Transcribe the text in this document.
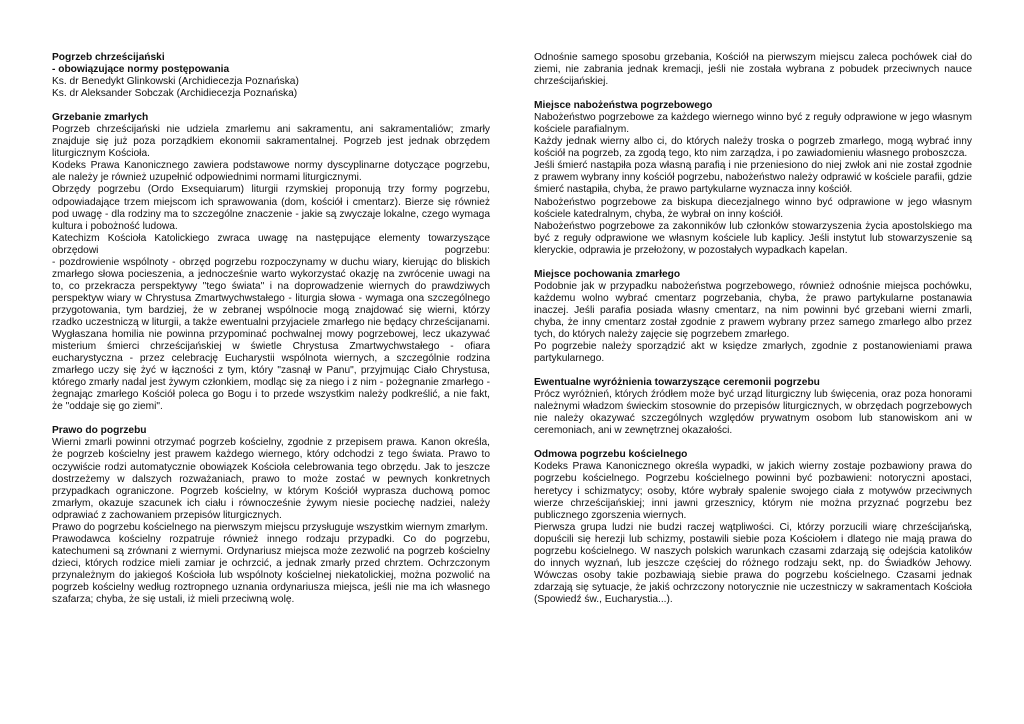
Pogrzeb chrześcijański

- obowiązujące normy postępowania

Ks. dr Benedykt Glinkowski (Archidiecezja Poznańska)

Ks. dr Aleksander Sobczak (Archidiecezja Poznańska)

Grzebanie zmarłych

Pogrzeb chrześcijański nie udziela zmarłemu ani sakramentu, ani sakramentaliów; zmarły znajduje się już poza porządkiem ekonomii sakramentalnej. Pogrzeb jest jednak obrzędem liturgicznym Kościoła.

Kodeks Prawa Kanonicznego zawiera podstawowe normy dyscyplinarne dotyczące pogrzebu, ale należy je również uzupełnić odpowiednimi normami liturgicznymi.

Obrzędy pogrzebu (Ordo Exsequiarum) liturgii rzymskiej proponują trzy formy pogrzebu, odpowiadające trzem miejscom ich sprawowania (dom, kościół i cmentarz). Bierze się również pod uwagę - dla rodziny ma to szczególne znaczenie - jakie są zwyczaje lokalne, czego wymaga kultura i pobożność ludowa.

Katechizm Kościoła Katolickiego zwraca uwagę na następujące elementy towarzyszące obrzędowi pogrzebu:

- pozdrowienie wspólnoty - obrzęd pogrzebu rozpoczynamy w duchu wiary, kierując do bliskich zmarłego słowa pocieszenia, a jednocześnie warto wykorzystać okazję na zwrócenie uwagi na to, co przekracza perspektywy "tego świata" i na doprowadzenie wiernych do prawdziwych perspektyw wiary w Chrystusa Zmartwychwstałego - liturgia słowa - wymaga ona szczególnego przygotowania, tym bardziej, że w zebranej wspólnocie mogą znajdować się wierni, którzy rzadko uczestniczą w liturgii, a także ewentualni przyjaciele zmarłego nie będący chrześcijanami. Wygłaszana homilia nie powinna przypominać pochwalnej mowy pogrzebowej, lecz ukazywać misterium śmierci chrześcijańskiej w świetle Chrystusa Zmartwychwstałego - ofiara eucharystyczna - przez celebrację Eucharystii wspólnota wiernych, a szczególnie rodzina zmarłego uczy się żyć w łączności z tym, który "zasnął w Panu", przyjmując Ciało Chrystusa, którego zmarły nadal jest żywym członkiem, modląc się za niego i z nim - pożegnanie zmarłego - żegnając zmarłego Kościół poleca go Bogu i to przede wszystkim należy podkreślić, a nie fakt, że "oddaje się go ziemi".

Prawo do pogrzebu

Wierni zmarli powinni otrzymać pogrzeb kościelny, zgodnie z przepisem prawa. Kanon określa, że pogrzeb kościelny jest prawem każdego wiernego, który odchodzi z tego świata. Prawo to oczywiście rodzi automatycznie obowiązek Kościoła celebrowania tego obrzędu. Jak to jeszcze dostrzeżemy w dalszych rozważaniach, prawo to może zostać w pewnych konkretnych przypadkach ograniczone. Pogrzeb kościelny, w którym Kościół wyprasza duchową pomoc zmarłym, okazuje szacunek ich ciału i równocześnie żywym niesie pociechę nadziei, należy odprawiać z zachowaniem przepisów liturgicznych.

Prawo do pogrzebu kościelnego na pierwszym miejscu przysługuje wszystkim wiernym zmarłym.

Prawodawca kościelny rozpatruje również innego rodzaju przypadki. Co do pogrzebu, katechumeni są zrównani z wiernymi. Ordynariusz miejsca może zezwolić na pogrzeb kościelny dzieci, których rodzice mieli zamiar je ochrzcić, a jednak zmarły przed chrztem. Ochrzczonym przynależnym do jakiegoś Kościoła lub wspólnoty kościelnej niekatolickiej, można pozwolić na pogrzeb kościelny według roztropnego uznania ordynariusza miejsca, jeśli nie ma ich własnego szafarza; chyba, że się ustali, iż mieli przeciwną wolę.

Odnośnie samego sposobu grzebania, Kościół na pierwszym miejscu zaleca pochówek ciał do ziemi, nie zabrania jednak kremacji, jeśli nie została wybrana z pobudek przeciwnych nauce chrześcijańskiej.

Miejsce nabożeństwa pogrzebowego

Nabożeństwo pogrzebowe za każdego wiernego winno być z reguły odprawione w jego własnym kościele parafialnym.

Każdy jednak wierny albo ci, do których należy troska o pogrzeb zmarłego, mogą wybrać inny kościół na pogrzeb, za zgodą tego, kto nim zarządza, i po zawiadomieniu własnego proboszcza.

Jeśli śmierć nastąpiła poza własną parafią i nie przeniesiono do niej zwłok ani nie został zgodnie z prawem wybrany inny kościół pogrzebu, nabożeństwo należy odprawić w kościele parafii, gdzie śmierć nastąpiła, chyba, że prawo partykularne wyznacza inny kościół.

Nabożeństwo pogrzebowe za biskupa diecezjalnego winno być odprawione w jego własnym kościele katedralnym, chyba, że wybrał on inny kościół.

Nabożeństwo pogrzebowe za zakonników lub członków stowarzyszenia życia apostolskiego ma być z reguły odprawione we własnym kościele lub kaplicy. Jeśli instytut lub stowarzyszenie są kleryckie, odprawia je przełożony, w pozostałych wypadkach kapelan.

Miejsce pochowania zmarłego

Podobnie jak w przypadku nabożeństwa pogrzebowego, również odnośnie miejsca pochówku, każdemu wolno wybrać cmentarz pogrzebania, chyba, że prawo partykularne postanawia inaczej. Jeśli parafia posiada własny cmentarz, na nim powinni być grzebani wierni zmarli, chyba, że inny cmentarz został zgodnie z prawem wybrany przez samego zmarłego albo przez tych, do których należy zajęcie się pogrzebem zmarłego.

Po pogrzebie należy sporządzić akt w księdze zmarłych, zgodnie z postanowieniami prawa partykularnego.

Ewentualne wyróżnienia towarzyszące ceremonii pogrzebu

Prócz wyróżnień, których źródłem może być urząd liturgiczny lub święcenia, oraz poza honorami należnymi władzom świeckim stosownie do przepisów liturgicznych, w obrzędach pogrzebowych nie należy okazywać szczególnych względów prywatnym osobom lub stanowiskom ani w ceremoniach, ani w zewnętrznej okazałości.

Odmowa pogrzebu kościelnego

Kodeks Prawa Kanonicznego określa wypadki, w jakich wierny zostaje pozbawiony prawa do pogrzebu kościelnego. Pogrzebu kościelnego powinni być pozbawieni: notoryczni apostaci, heretycy i schizmatycy; osoby, które wybrały spalenie swojego ciała z motywów przeciwnych wierze chrześcijańskiej; inni jawni grzesznicy, którym nie można przyznać pogrzebu bez publicznego zgorszenia wiernych.

Pierwsza grupa ludzi nie budzi raczej wątpliwości. Ci, którzy porzucili wiarę chrześcijańską, dopuścili się herezji lub schizmy, postawili siebie poza Kościołem i dlatego nie mają prawa do pogrzebu kościelnego. W naszych polskich warunkach czasami zdarzają się odejścia katolików do innych wyznań, lub jeszcze częściej do różnego rodzaju sekt, np. do Świadków Jehowy. Wówczas osoby takie pozbawiają siebie prawa do pogrzebu kościelnego. Czasami jednak zdarzają się sytuacje, że jakiś ochrzczony notorycznie nie uczestniczy w sakramentach Kościoła (Spowiedź św., Eucharystia...).
